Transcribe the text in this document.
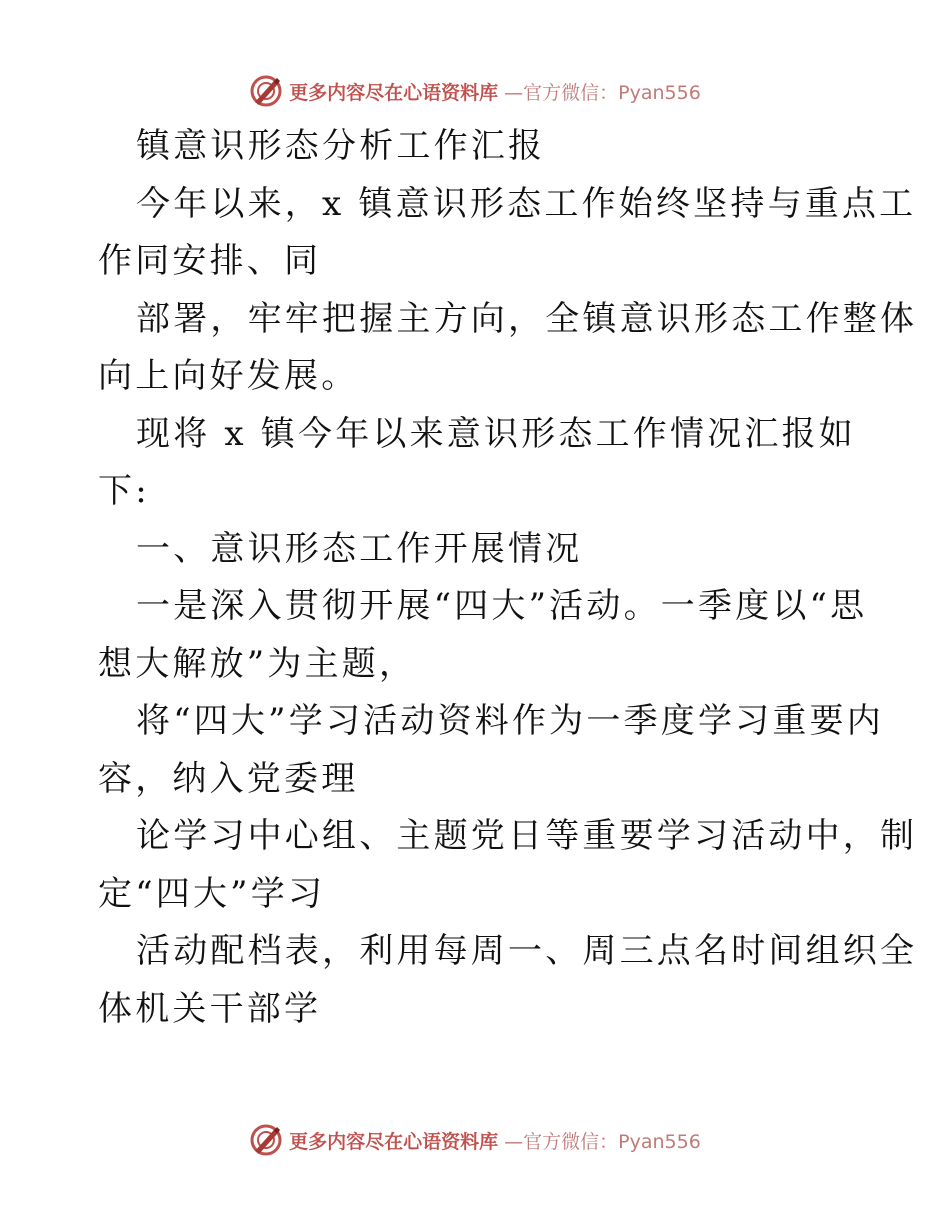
更多内容尽在心语资料库 —官方微信：Pyan556
镇意识形态分析工作汇报
今年以来，x 镇意识形态工作始终坚持与重点工
作同安排、同
部署，牢牢把握主方向，全镇意识形态工作整体
向上向好发展。
现将 x 镇今年以来意识形态工作情况汇报如
下:
一、意识形态工作开展情况
一是深入贯彻开展“四大”活动。一季度以“思
想大解放”为主题，
将“四大”学习活动资料作为一季度学习重要内
容，纳入党委理
论学习中心组、主题党日等重要学习活动中，制
定“四大”学习
活动配档表，利用每周一、周三点名时间组织全
体机关干部学
更多内容尽在心语资料库 —官方微信：Pyan556
